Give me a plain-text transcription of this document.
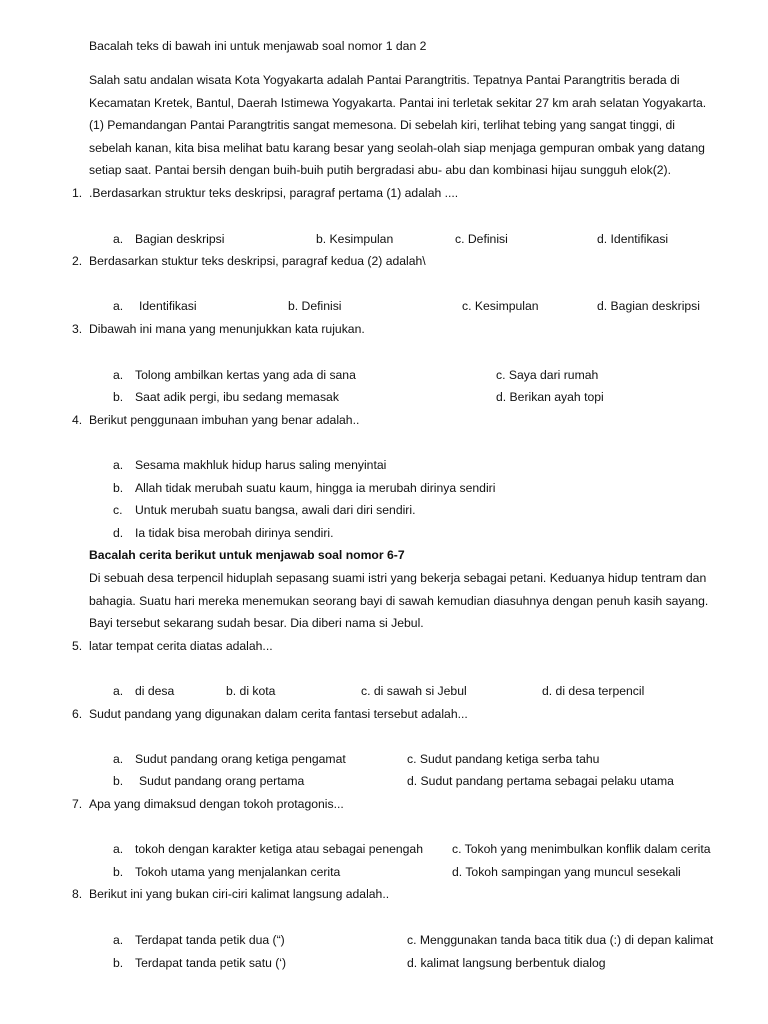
Bacalah teks di bawah ini untuk menjawab soal nomor 1 dan 2
Salah satu andalan wisata Kota Yogyakarta adalah Pantai Parangtritis. Tepatnya Pantai Parangtritis berada di
Kecamatan Kretek, Bantul, Daerah Istimewa Yogyakarta. Pantai ini terletak sekitar 27 km arah selatan Yogyakarta.
(1) Pemandangan Pantai Parangtritis sangat memesona. Di sebelah kiri, terlihat tebing yang sangat tinggi, di
sebelah kanan, kita bisa melihat batu karang besar yang seolah-olah siap menjaga gempuran ombak yang datang
setiap saat. Pantai bersih dengan buih-buih putih bergradasi abu- abu dan kombinasi hijau sungguh elok(2).
1. .Berdasarkan struktur teks deskripsi, paragraf pertama (1) adalah ....
a. Bagian deskripsi	b. Kesimpulan	c. Definisi	d. Identifikasi
2. Berdasarkan stuktur teks deskripsi, paragraf kedua (2) adalah\
a. Identifikasi	b. Definisi	c. Kesimpulan	d. Bagian deskripsi
3. Dibawah ini mana yang menunjukkan kata rujukan.
a. Tolong ambilkan kertas yang ada di sana	c. Saya dari rumah
b. Saat adik pergi, ibu sedang memasak	d. Berikan ayah topi
4. Berikut penggunaan imbuhan yang benar adalah..
a. Sesama makhluk hidup harus saling menyintai
b. Allah tidak merubah suatu kaum, hingga ia merubah dirinya sendiri
c. Untuk merubah suatu bangsa, awali dari diri sendiri.
d. Ia tidak bisa merobah dirinya sendiri.
Bacalah cerita berikut untuk menjawab soal nomor 6-7
Di sebuah desa terpencil hiduplah sepasang suami istri yang bekerja sebagai petani. Keduanya hidup tentram dan
bahagia. Suatu hari mereka menemukan seorang bayi di sawah kemudian diasuhnya dengan penuh kasih sayang.
Bayi tersebut sekarang sudah besar. Dia diberi nama si Jebul.
5. latar tempat cerita diatas adalah...
a. di desa	b. di kota	c. di sawah si Jebul	d. di desa terpencil
6. Sudut pandang yang digunakan dalam cerita fantasi tersebut adalah...
a. Sudut pandang orang ketiga pengamat	c. Sudut pandang ketiga serba tahu
b. Sudut pandang orang pertama	d. Sudut pandang pertama sebagai pelaku utama
7. Apa yang dimaksud dengan tokoh protagonis...
a. tokoh dengan karakter ketiga atau sebagai penengah c. Tokoh yang menimbulkan konflik dalam cerita
b. Tokoh utama yang menjalankan cerita	d. Tokoh sampingan yang muncul sesekali
8. Berikut ini yang bukan ciri-ciri kalimat langsung adalah..
a. Terdapat tanda petik dua (“)	c. Menggunakan tanda baca titik dua (:) di depan kalimat
b. Terdapat tanda petik satu (‘)	d. kalimat langsung berbentuk dialog
